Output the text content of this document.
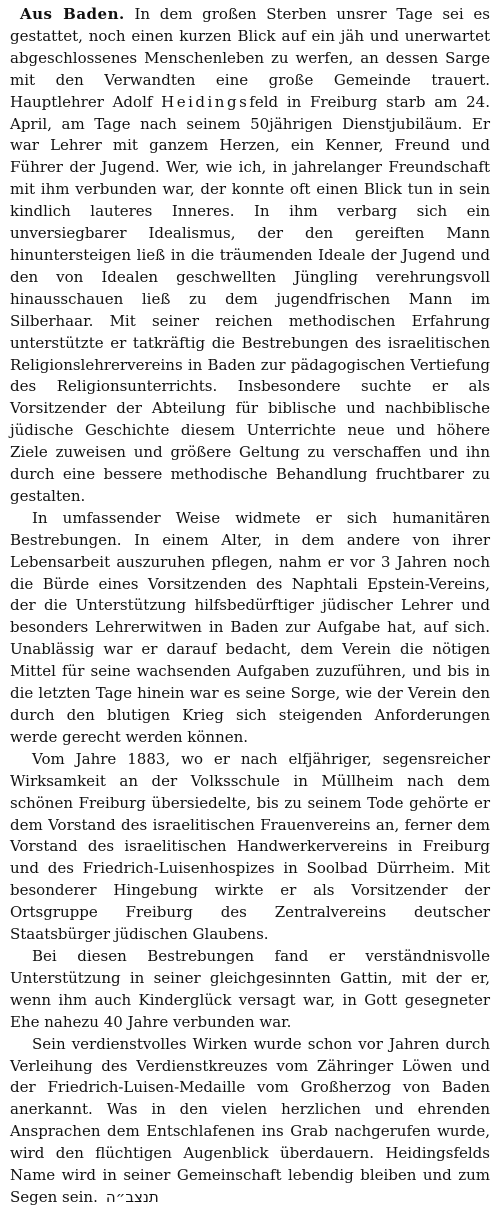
Aus Baden. In dem großen Sterben unsrer Tage sei es gestattet, noch einen kurzen Blick auf ein jäh und unerwartet abgeschlossenes Menschenleben zu werfen, an dessen Sarge mit den Verwandten eine große Gemeinde trauert. Hauptlehrer Adolf Heidingsfeld in Freiburg starb am 24. April, am Tage nach seinem 50jährigen Dienstjubiläum. Er war Lehrer mit ganzem Herzen, ein Kenner, Freund und Führer der Jugend. Wer, wie ich, in jahrelanger Freundschaft mit ihm verbunden war, der konnte oft einen Blick tun in sein kindlich lauteres Inneres. In ihm verbarg sich ein unversiegbarer Idealismus, der den gereiften Mann hinuntersteigen ließ in die träumenden Ideale der Jugend und den von Idealen geschwellten Jüngling verehrungsvoll hinausschauen ließ zu dem jugendfrischen Mann im Silberhaar. Mit seiner reichen methodischen Erfahrung unterstützte er tatkräftig die Bestrebungen des israelitischen Religionslehrervereins in Baden zur pädagogischen Vertiefung des Religionsunterrichts. Insbesondere suchte er als Vorsitzender der Abteilung für biblische und nachbiblische jüdische Geschichte diesem Unterrichte neue und höhere Ziele zuweisen und größere Geltung zu verschaffen und ihn durch eine bessere methodische Behandlung fruchtbarer zu gestalten.

In umfassender Weise widmete er sich humanitären Bestrebungen. In einem Alter, in dem andere von ihrer Lebensarbeit auszuruhen pflegen, nahm er vor 3 Jahren noch die Bürde eines Vorsitzenden des Naphtali Epstein-Vereins, der die Unterstützung hilfsbedürftiger jüdischer Lehrer und besonders Lehrerwitwen in Baden zur Aufgabe hat, auf sich. Unablässig war er darauf bedacht, dem Verein die nötigen Mittel für seine wachsenden Aufgaben zuzuführen, und bis in die letzten Tage hinein war es seine Sorge, wie der Verein den durch den blutigen Krieg sich steigenden Anforderungen werde gerecht werden können.

Vom Jahre 1883, wo er nach elfjähriger, segensreicher Wirksamkeit an der Volksschule in Müllheim nach dem schönen Freiburg übersiedelte, bis zu seinem Tode gehörte er dem Vorstand des israelitischen Frauenvereins an, ferner dem Vorstand des israelitischen Handwerkervereins in Freiburg und des Friedrich-Luisenhospizes in Soolbad Dürrheim. Mit besonderer Hingebung wirkte er als Vorsitzender der Ortsgruppe Freiburg des Zentralvereins deutscher Staatsbürger jüdischen Glaubens.

Bei diesen Bestrebungen fand er verständnisvolle Unterstützung in seiner gleichgesinnten Gattin, mit der er, wenn ihm auch Kinderglück versagt war, in Gott gesegneter Ehe nahezu 40 Jahre verbunden war.

Sein verdienstvolles Wirken wurde schon vor Jahren durch Verleihung des Verdienstkreuzes vom Zähringer Löwen und der Friedrich-Luisen-Medaille vom Großherzog von Baden anerkannt. Was in den vielen herzlichen und ehrenden Ansprachen dem Entschlafenen ins Grab nachgerufen wurde, wird den flüchtigen Augenblick überdauern. Heidingsfelds Name wird in seiner Gemeinschaft lebendig bleiben und zum Segen sein. תנצב״ה
